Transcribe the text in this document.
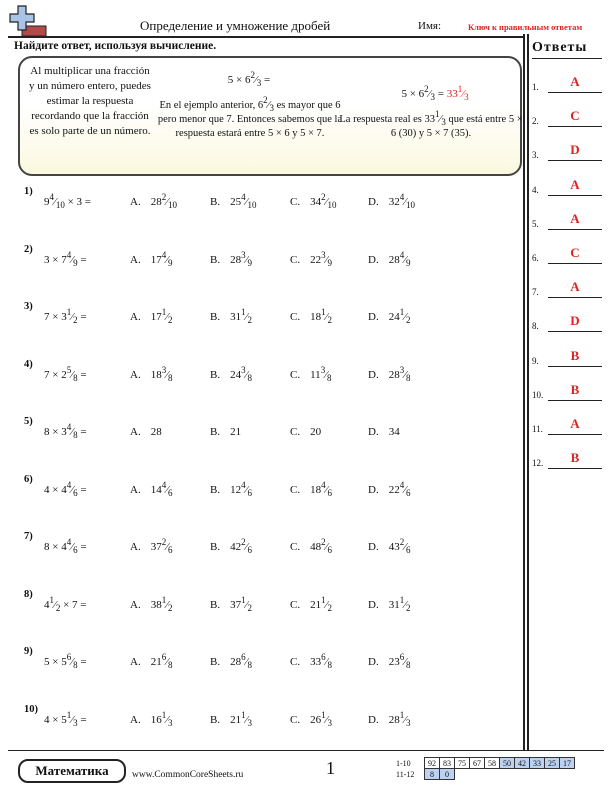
Определение и умножение дробей	Имя:	Ключ к правильным ответам
Найдите ответ, используя вычисление.
Al multiplicar una fracción y un número entero, puedes estimar la respuesta recordando que la fracción es solo parte de un número.
5 × 62⁄3 =
En el ejemplo anterior, 62⁄3 es mayor que 6 pero menor que 7. Entonces sabemos que la respuesta estará entre 5 × 6 y 5 × 7.
5 × 62⁄3 = 331⁄3
La respuesta real es 331⁄3 que está entre 5 × 6 (30) y 5 × 7 (35).
1)
94⁄10 × 3 =	A. 282⁄10	B. 254⁄10	C. 342⁄10	D. 324⁄10
2)
3 × 74⁄9 =	A. 174⁄9	B. 283⁄9	C. 223⁄9	D. 284⁄9
3)
7 × 31⁄2 =	A. 171⁄2	B. 311⁄2	C. 181⁄2	D. 241⁄2
4)
7 × 25⁄8 =	A. 183⁄8	B. 243⁄8	C. 113⁄8	D. 283⁄8
5)
8 × 34⁄8 =	A. 28	B. 21	C. 20	D. 34
6)
4 × 44⁄6 =	A. 144⁄6	B. 124⁄6	C. 184⁄6	D. 224⁄6
7)
8 × 44⁄6 =	A. 372⁄6	B. 422⁄6	C. 482⁄6	D. 432⁄6
8)
41⁄2 × 7 =	A. 381⁄2	B. 371⁄2	C. 211⁄2	D. 311⁄2
9)
5 × 56⁄8 =	A. 216⁄8	B. 286⁄8	C. 336⁄8	D. 236⁄8
10)
4 × 51⁄3 =	A. 161⁄3	B. 211⁄3	C. 261⁄3	D. 281⁄3
Ответы
1.	A
2.	C
3.	D
4.	A
5.	A
6.	C
7.	A
8.	D
9.	B
10.	B
11.	A
12.	B
Математика	www.CommonCoreSheets.ru	1	1-10	92	83	75	67	58	50	42	33	25	17
11-12	8	0								
